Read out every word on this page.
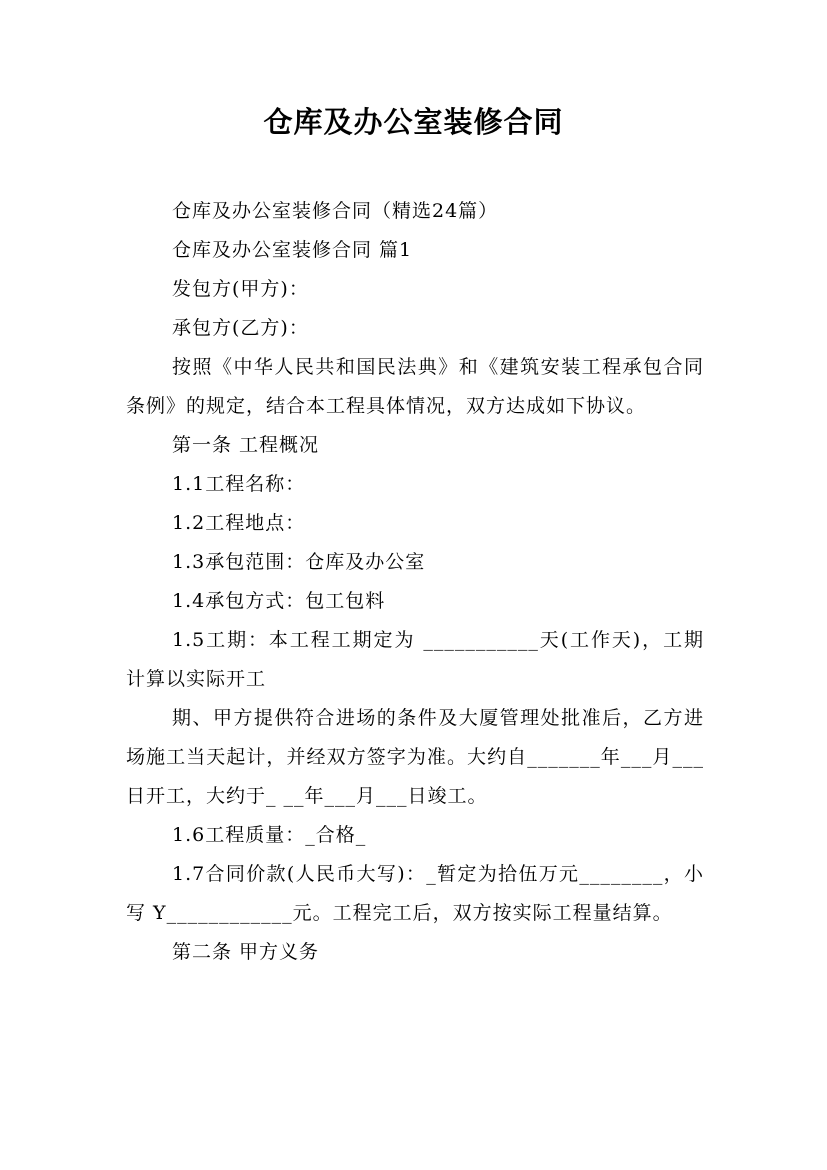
仓库及办公室装修合同

仓库及办公室装修合同（精选24篇）

仓库及办公室装修合同 篇1

发包方(甲方)：

承包方(乙方)：

按照《中华人民共和国民法典》和《建筑安装工程承包合同条例》的规定，结合本工程具体情况，双方达成如下协议。

第一条 工程概况

1.1工程名称：

1.2工程地点：

1.3承包范围：仓库及办公室

1.4承包方式：包工包料

1.5工期：本工程工期定为 ___________天(工作天)，工期计算以实际开工

期、甲方提供符合进场的条件及大厦管理处批准后，乙方进场施工当天起计，并经双方签字为准。大约自_______年___月___日开工，大约于_ __年___月___日竣工。

1.6工程质量：_合格_

1.7合同价款(人民币大写)：_暂定为拾伍万元________，小写 Y____________元。工程完工后，双方按实际工程量结算。

第二条 甲方义务
